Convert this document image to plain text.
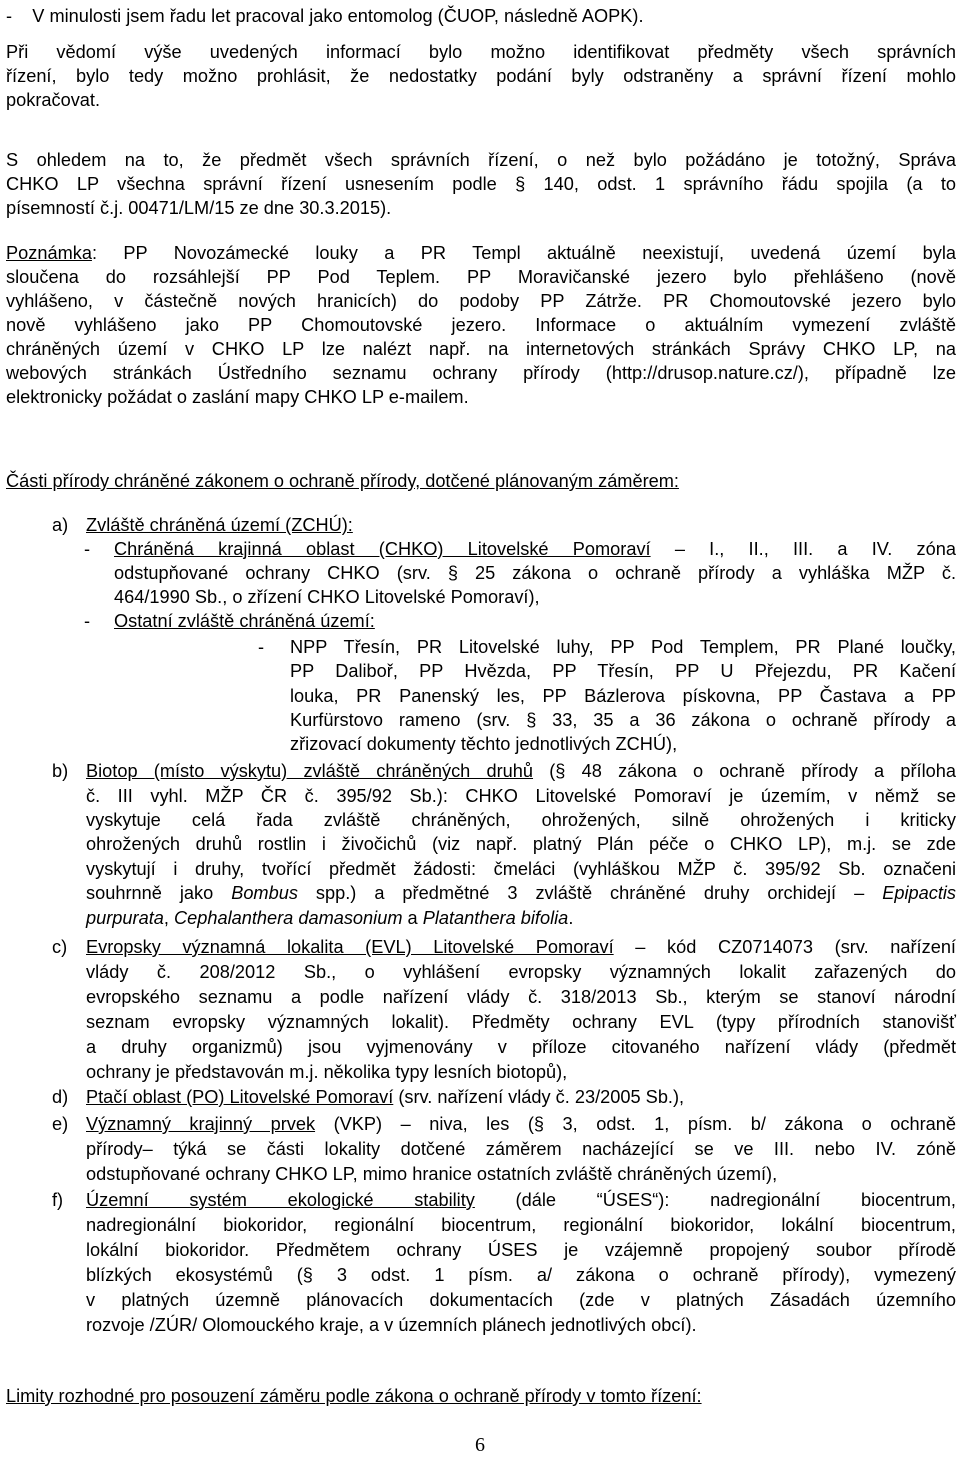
-    V minulosti jsem řadu let pracoval jako entomolog (ČUOP, následně AOPK).
Při vědomí výše uvedených informací bylo možno identifikovat předměty všech správních
řízení, bylo tedy možno prohlásit, že nedostatky podání byly odstraněny a správní řízení mohlo
pokračovat.
S ohledem na to, že předmět všech správních řízení, o než bylo požádáno je totožný, Správa
CHKO LP všechna správní řízení usnesením podle § 140, odst. 1 správního řádu spojila (a to
písemností č.j. 00471/LM/15 ze dne 30.3.2015).
Poznámka: PP Novozámecké louky a PR Templ aktuálně neexistují, uvedená území byla
sloučena do rozsáhlejší PP Pod Teplem. PP Moravičanské jezero bylo přehlášeno (nově
vyhlášeno, v částečně nových hranicích) do podoby PP Zátrže. PR Chomoutovské jezero bylo
nově vyhlášeno jako PP Chomoutovské jezero. Informace o aktuálním vymezení zvláště
chráněných území v CHKO LP lze nalézt např. na internetových stránkách Správy CHKO LP, na
webových stránkách Ústředního seznamu ochrany přírody (http://drusop.nature.cz/), případně lze
elektronicky požádat o zaslání mapy CHKO LP e-mailem.
Části přírody chráněné zákonem o ochraně přírody, dotčené plánovaným záměrem:
a) Zvláště chráněná území (ZCHÚ):
- Chráněná krajinná oblast (CHKO) Litovelské Pomoraví – I., II., III. a IV. zóna
odstupňované ochrany CHKO (srv. § 25 zákona o ochraně přírody a vyhláška MŽP č.
464/1990 Sb., o zřízení CHKO Litovelské Pomoraví),
- Ostatní zvláště chráněná území:
- NPP Třesín, PR Litovelské luhy, PP Pod Templem, PR Plané loučky,
PP Daliboř, PP Hvězda, PP Třesín, PP U Přejezdu, PR Kačení
louka, PR Panenský les, PP Bázlerova pískovna, PP Častava a PP
Kurfürstovo rameno (srv. § 33, 35 a 36 zákona o ochraně přírody a
zřizovací dokumenty těchto jednotlivých ZCHÚ),
b) Biotop (místo výskytu) zvláště chráněných druhů (§ 48 zákona o ochraně přírody a příloha
č. III vyhl. MŽP ČR č. 395/92 Sb.): CHKO Litovelské Pomoraví je územím, v němž se
vyskytuje celá řada zvláště chráněných, ohrožených, silně ohrožených i kriticky
ohrožených druhů rostlin i živočichů (viz např. platný Plán péče o CHKO LP), m.j. se zde
vyskytují i druhy, tvořící předmět žádosti: čmeláci (vyhláškou MŽP č. 395/92 Sb. označeni
souhrnně jako Bombus spp.) a předmětné 3 zvláště chráněné druhy orchidejí – Epipactis
purpurata, Cephalanthera damasonium a Platanthera bifolia.
c) Evropsky významná lokalita (EVL) Litovelské Pomoraví – kód CZ0714073 (srv. nařízení
vlády č. 208/2012 Sb., o vyhlášení evropsky významných lokalit zařazených do
evropského seznamu a podle nařízení vlády č. 318/2013 Sb., kterým se stanoví národní
seznam evropsky významných lokalit). Předměty ochrany EVL (typy přírodních stanovišť
a druhy organizmů) jsou vyjmenovány v příloze citovaného nařízení vlády (předmět
ochrany je představován m.j. několika typy lesních biotopů),
d) Ptačí oblast (PO) Litovelské Pomoraví (srv. nařízení vlády č. 23/2005 Sb.),
e) Významný krajinný prvek (VKP) – niva, les (§ 3, odst. 1, písm. b/ zákona o ochraně
přírody– týká se části lokality dotčené záměrem nacházející se ve III. nebo IV. zóně
odstupňované ochrany CHKO LP, mimo hranice ostatních zvláště chráněných území),
f) Územní systém ekologické stability (dále “ÚSES“): nadregionální biocentrum,
nadregionální biokoridor, regionální biocentrum, regionální biokoridor, lokální biocentrum,
lokální biokoridor. Předmětem ochrany ÚSES je vzájemně propojený soubor přírodě
blízkých ekosystémů (§ 3 odst. 1 písm. a/ zákona o ochraně přírody), vymezený
v platných územně plánovacích dokumentacích (zde v platných Zásadách územního
rozvoje /ZÚR/ Olomouckého kraje, a v územních plánech jednotlivých obcí).
Limity rozhodné pro posouzení záměru podle zákona o ochraně přírody v tomto řízení:
6
